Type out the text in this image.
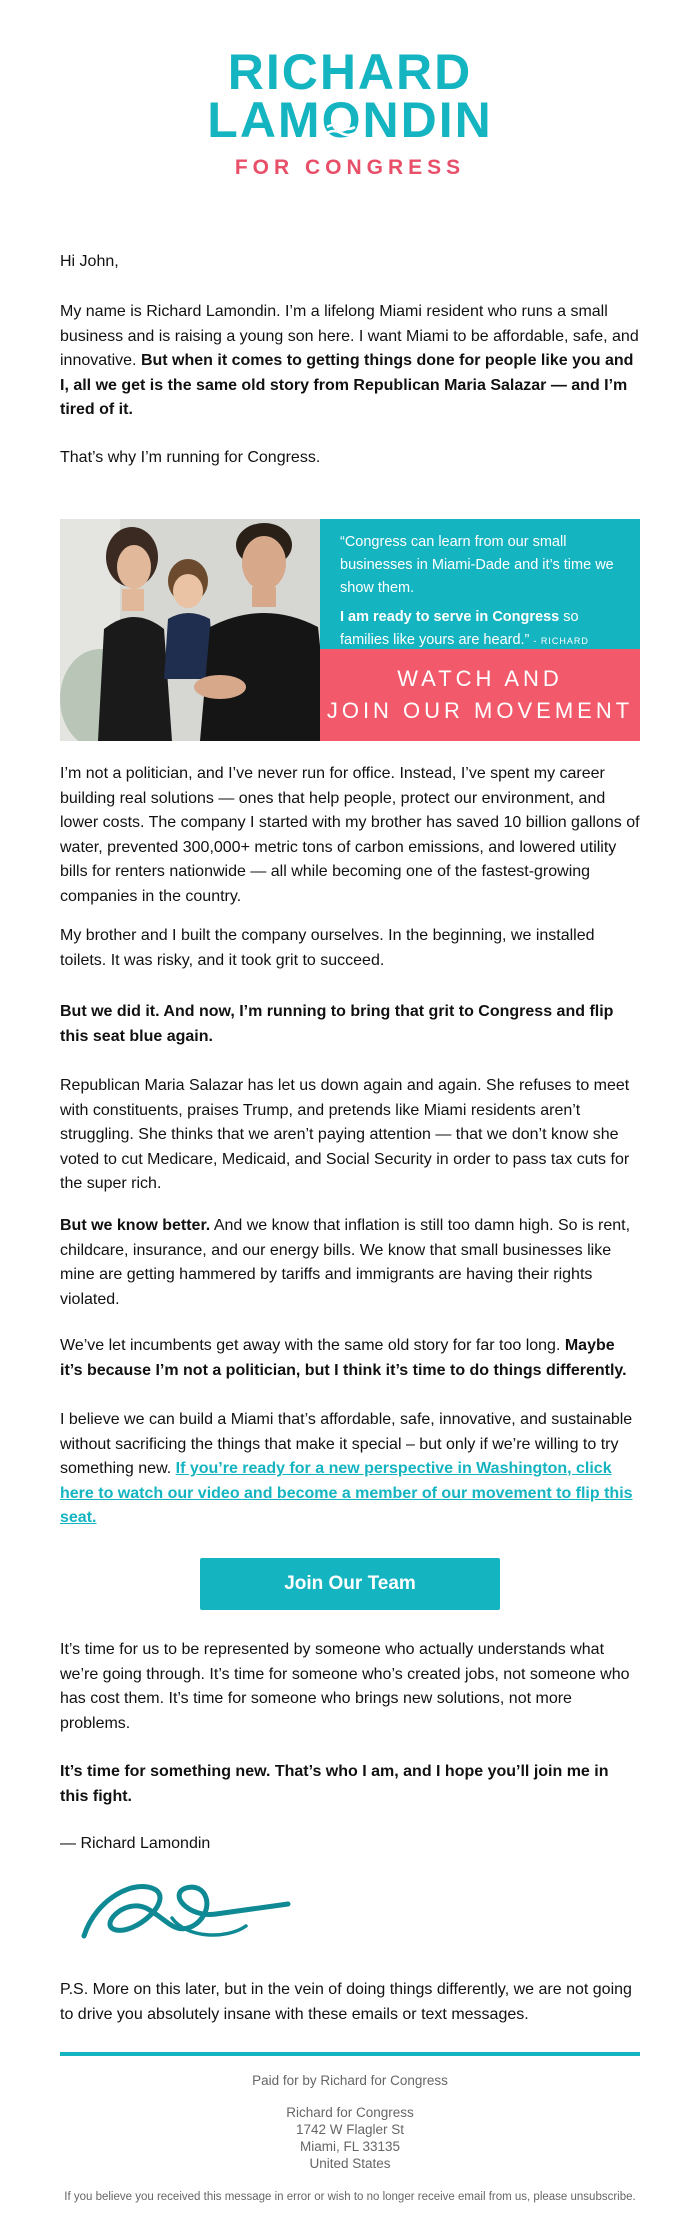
RICHARD
LAMO
NDIN
FOR CONGRESS
Hi John,
My name is Richard Lamondin. I’m a lifelong Miami resident who runs a small business and is raising a young son here. I want Miami to be affordable, safe, and innovative. But when it comes to getting things done for people like you and I, all we get is the same old story from Republican Maria Salazar — and I’m tired of it.
That’s why I’m running for Congress.
“Congress can learn from our small businesses in Miami-Dade and it’s time we show them.
I am ready to serve in Congress so families like yours are heard.” - RICHARD
WATCH AND
JOIN OUR MOVEMENT
I’m not a politician, and I’ve never run for office. Instead, I’ve spent my career building real solutions — ones that help people, protect our environment, and lower costs. The company I started with my brother has saved 10 billion gallons of water, prevented 300,000+ metric tons of carbon emissions, and lowered utility bills for renters nationwide — all while becoming one of the fastest-growing companies in the country.
My brother and I built the company ourselves. In the beginning, we installed toilets. It was risky, and it took grit to succeed.
But we did it. And now, I’m running to bring that grit to Congress and flip this seat blue again.
Republican Maria Salazar has let us down again and again. She refuses to meet with constituents, praises Trump, and pretends like Miami residents aren’t struggling. She thinks that we aren’t paying attention — that we don’t know she voted to cut Medicare, Medicaid, and Social Security in order to pass tax cuts for the super rich.
But we know better. And we know that inflation is still too damn high. So is rent, childcare, insurance, and our energy bills. We know that small businesses like mine are getting hammered by tariffs and immigrants are having their rights violated.
We’ve let incumbents get away with the same old story for far too long. Maybe it’s because I’m not a politician, but I think it’s time to do things differently.
I believe we can build a Miami that’s affordable, safe, innovative, and sustainable without sacrificing the things that make it special – but only if we’re willing to try something new. If you’re ready for a new perspective in Washington, click here to watch our video and become a member of our movement to flip this seat.
Join Our Team
It’s time for us to be represented by someone who actually understands what we’re going through. It’s time for someone who’s created jobs, not someone who has cost them. It’s time for someone who brings new solutions, not more problems.
It’s time for something new. That’s who I am, and I hope you’ll join me in this fight.
— Richard Lamondin
P.S. More on this later, but in the vein of doing things differently, we are not going to drive you absolutely insane with these emails or text messages.
Paid for by Richard for Congress
Richard for Congress
1742 W Flagler St
Miami, FL 33135
United States
If you believe you received this message in error or wish to no longer receive email from us, please unsubscribe.
